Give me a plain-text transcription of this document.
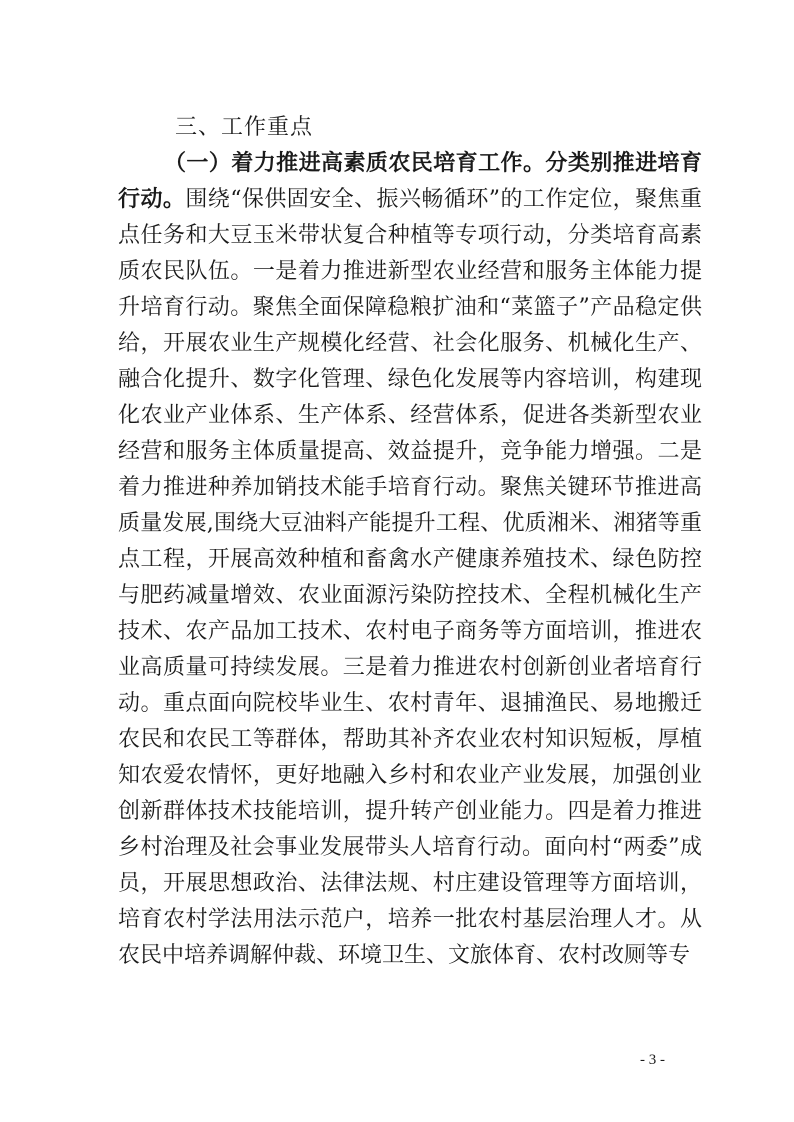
三、工作重点

（一）着力推进高素质农民培育工作。分类别推进培育行动。围绕“保供固安全、振兴畅循环”的工作定位，聚焦重点任务和大豆玉米带状复合种植等专项行动，分类培育高素质农民队伍。一是着力推进新型农业经营和服务主体能力提升培育行动。聚焦全面保障稳粮扩油和“菜篮子”产品稳定供给，开展农业生产规模化经营、社会化服务、机械化生产、融合化提升、数字化管理、绿色化发展等内容培训，构建现化农业产业体系、生产体系、经营体系，促进各类新型农业经营和服务主体质量提高、效益提升，竞争能力增强。二是着力推进种养加销技术能手培育行动。聚焦关键环节推进高质量发展,围绕大豆油料产能提升工程、优质湘米、湘猪等重点工程，开展高效种植和畜禽水产健康养殖技术、绿色防控与肥药减量增效、农业面源污染防控技术、全程机械化生产技术、农产品加工技术、农村电子商务等方面培训，推进农业高质量可持续发展。三是着力推进农村创新创业者培育行动。重点面向院校毕业生、农村青年、退捕渔民、易地搬迁农民和农民工等群体，帮助其补齐农业农村知识短板，厚植知农爱农情怀，更好地融入乡村和农业产业发展，加强创业创新群体技术技能培训，提升转产创业能力。四是着力推进乡村治理及社会事业发展带头人培育行动。面向村“两委”成员，开展思想政治、法律法规、村庄建设管理等方面培训，培育农村学法用法示范户，培养一批农村基层治理人才。从农民中培养调解仲裁、环境卫生、文旅体育、农村改厕等专

- 3 -
